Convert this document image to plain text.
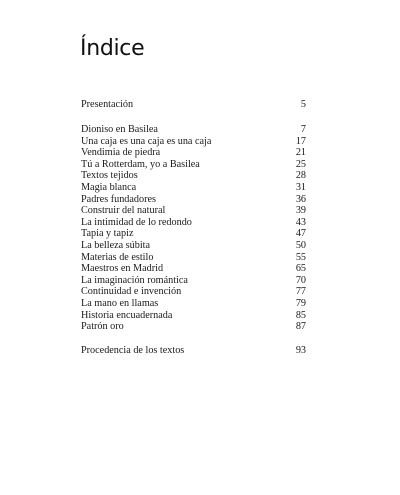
Índice
Presentación	5
Dioniso en Basilea	7
Una caja es una caja es una caja	17
Vendimia de piedra	21
Tú a Rotterdam, yo a Basilea	25
Textos tejidos	28
Magia blanca	31
Padres fundadores	36
Construir del natural	39
La intimidad de lo redondo	43
Tapia y tapiz	47
La belleza súbita	50
Materias de estilo	55
Maestros en Madrid	65
La imaginación romántica	70
Continuidad e invención	77
La mano en llamas	79
Historia encuadernada	85
Patrón oro	87
Procedencia de los textos	93
